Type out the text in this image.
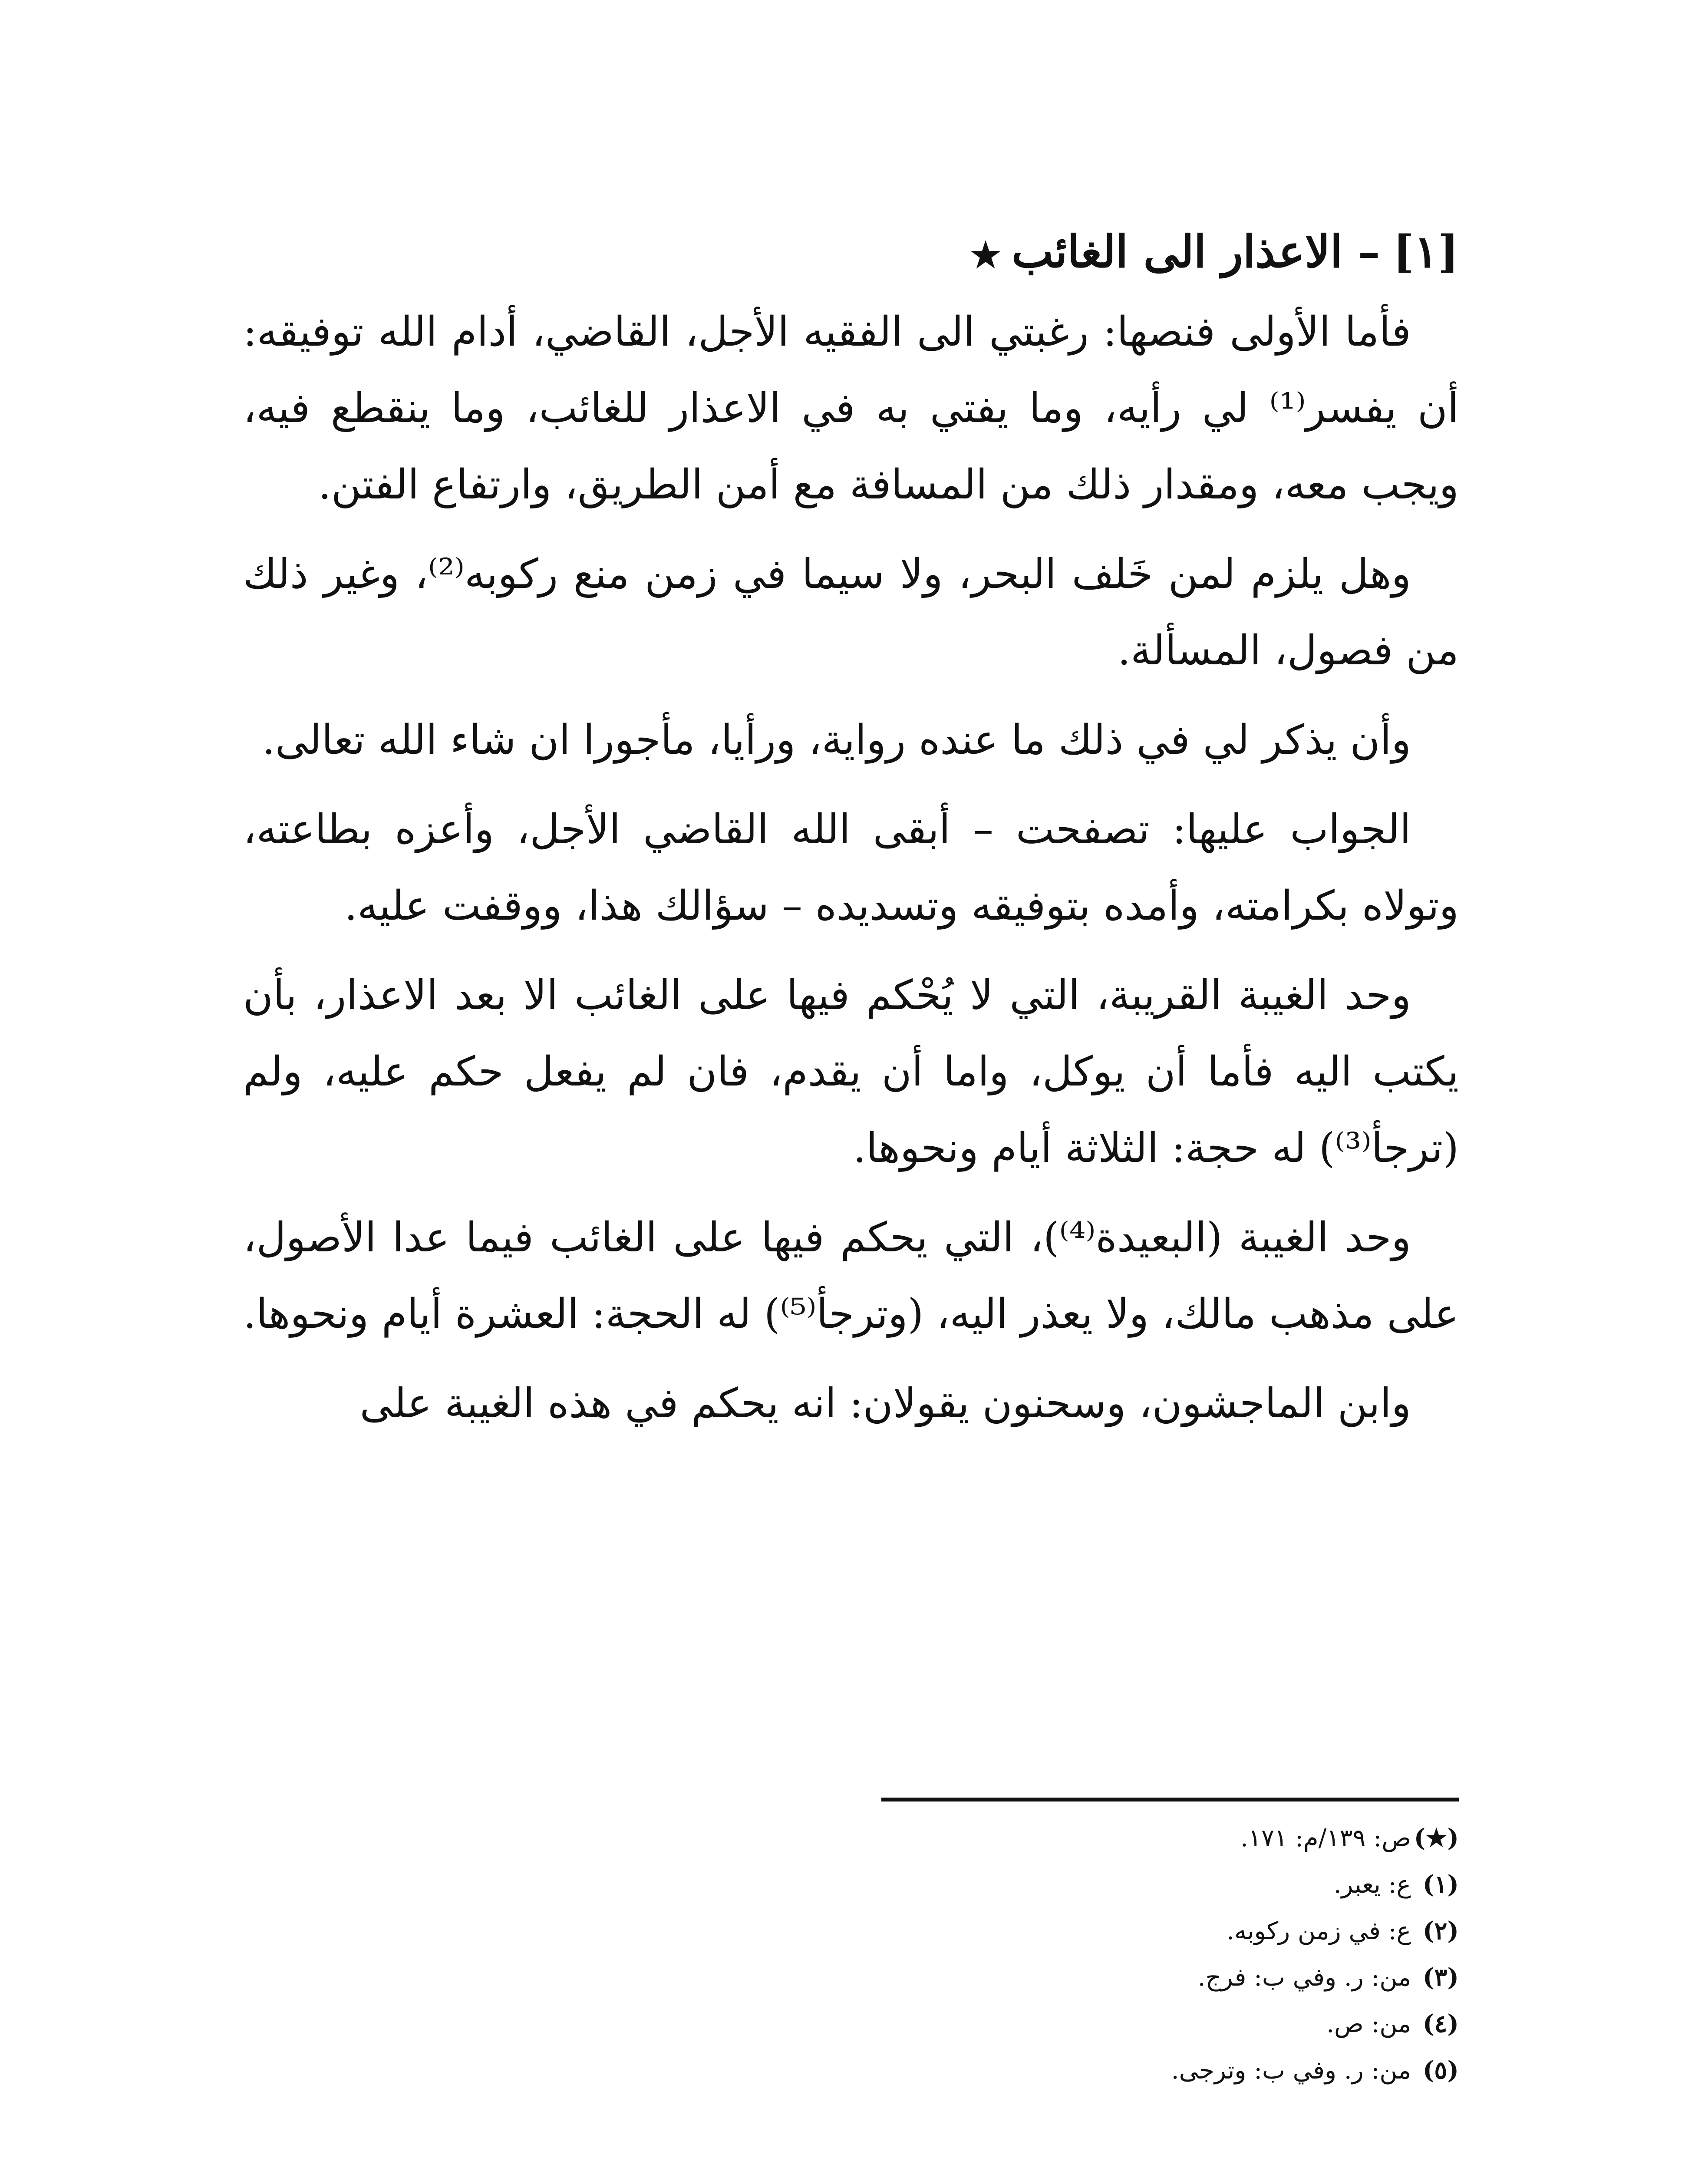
[١]– الاعذار الى الغائب★

فأما الأولى فنصها: رغبتي الى الفقيه الأجل، القاضي، أدام الله توفيقه: أن يفسر⁽¹⁾ لي رأيه، وما يفتي به في الاعذار للغائب، وما ينقطع فيه، ويجب معه، ومقدار ذلك من المسافة مع أمن الطريق، وارتفاع الفتن.

وهل يلزم لمن خَلف البحر، ولا سيما في زمن منع ركوبه⁽²⁾، وغير ذلك من فصول، المسألة.

وأن يذكر لي في ذلك ما عنده رواية، ورأيا، مأجورا ان شاء الله تعالى.

الجواب عليها: تصفحت – أبقى الله القاضي الأجل، وأعزه بطاعته، وتولاه بكرامته، وأمده بتوفيقه وتسديده – سؤالك هذا، ووقفت عليه.

وحد الغيبة القريبة، التي لا يُحْكم فيها على الغائب الا بعد الاعذار، بأن يكتب اليه فأما أن يوكل، واما أن يقدم، فان لم يفعل حكم عليه، ولم (ترجأ⁽³⁾) له حجة: الثلاثة أيام ونحوها.

وحد الغيبة (البعيدة⁽⁴⁾)، التي يحكم فيها على الغائب فيما عدا الأصول، على مذهب مالك، ولا يعذر اليه، (وترجأ⁽⁵⁾) له الحجة: العشرة أيام ونحوها.

وابن الماجشون، وسحنون يقولان: انه يحكم في هذه الغيبة على

(★)ص: ١٣٩/م: ١٧١.
(١)ع: يعبر.
(٢)ع: في زمن ركوبه.
(٣)من: ر. وفي ب: فرج.
(٤)من: ص.
(٥)من: ر. وفي ب: وترجى.
